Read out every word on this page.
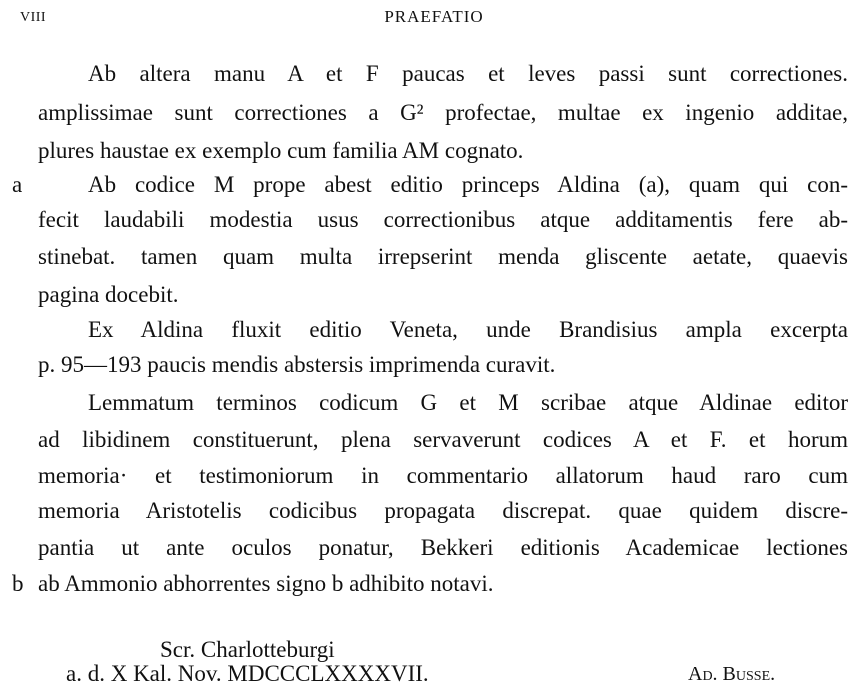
VIII	PRAEFATIO
Ab altera manu A et F paucas et leves passi sunt correctiones.
amplissimae sunt correctiones a G² profectae, multae ex ingenio additae,
plures haustae ex exemplo cum familia AM cognato.
a	Ab codice M prope abest editio princeps Aldina (a), quam qui con-
fecit laudabili modestia usus correctionibus atque additamentis fere ab-
stinebat. tamen quam multa irrepserint menda gliscente aetate, quaevis
pagina docebit.
Ex Aldina fluxit editio Veneta, unde Brandisius ampla excerpta
p. 95—193 paucis mendis abstersis imprimenda curavit.
Lemmatum terminos codicum G et M scribae atque Aldinae editor
ad libidinem constituerunt, plena servaverunt codices A et F. et horum
memoria· et testimoniorum in commentario allatorum haud raro cum
memoria Aristotelis codicibus propagata discrepat. quae quidem discre-
pantia ut ante oculos ponatur, Bekkeri editionis Academicae lectiones
b ab Ammonio abhorrentes signo b adhibito notavi.
Scr. Charlotteburgi
a. d. X Kal. Nov. MDCCCLXXXXVII.	Ad. Busse.
